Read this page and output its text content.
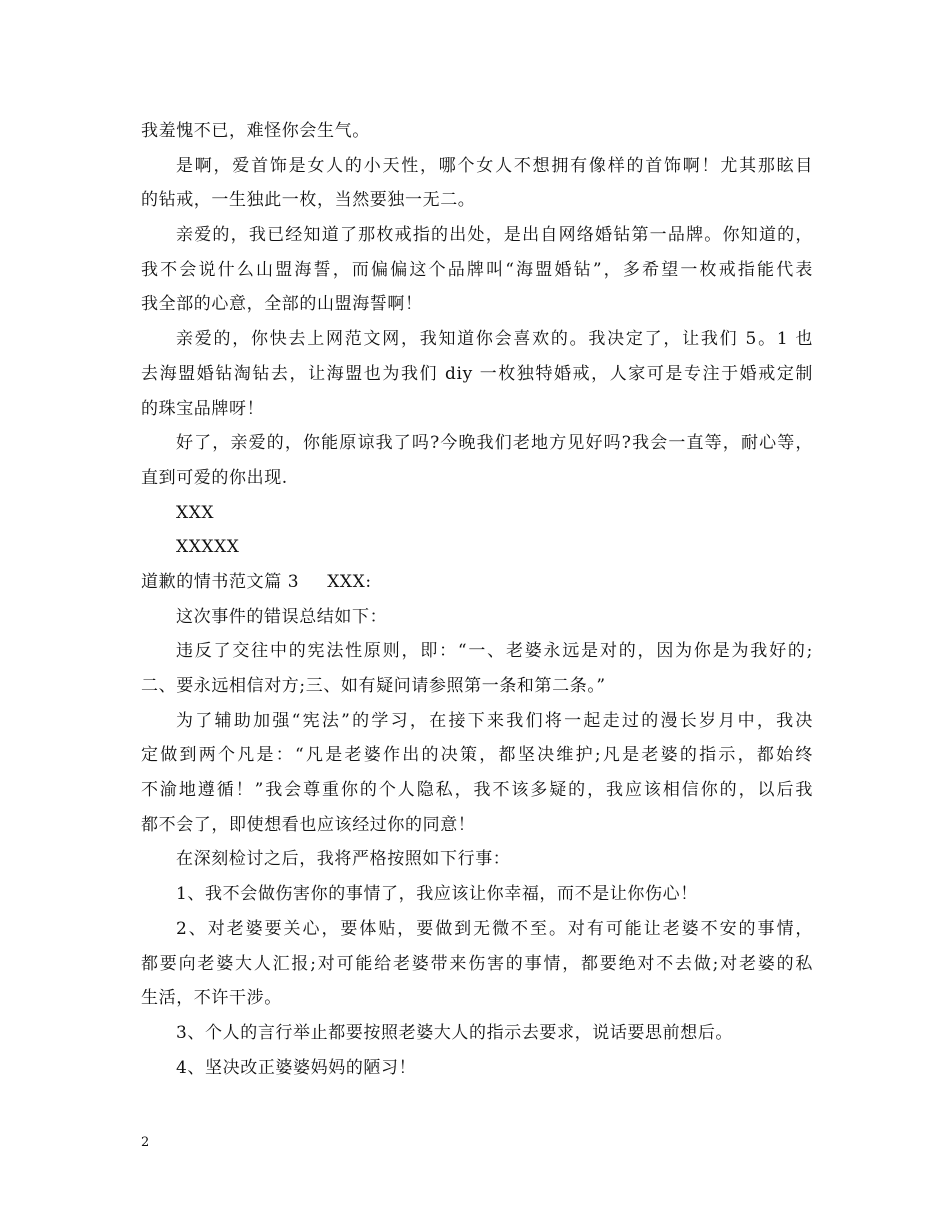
我羞愧不已，难怪你会生气。
是啊，爱首饰是女人的小天性，哪个女人不想拥有像样的首饰啊！尤其那眩目
的钻戒，一生独此一枚，当然要独一无二。
亲爱的，我已经知道了那枚戒指的出处，是出自网络婚钻第一品牌。你知道的，
我不会说什么山盟海誓，而偏偏这个品牌叫“海盟婚钻”，多希望一枚戒指能代表
我全部的心意，全部的山盟海誓啊！
亲爱的，你快去上网范文网，我知道你会喜欢的。我决定了，让我们 5。1 也
去海盟婚钻淘钻去，让海盟也为我们 diy 一枚独特婚戒，人家可是专注于婚戒定制
的珠宝品牌呀！
好了，亲爱的，你能原谅我了吗?今晚我们老地方见好吗?我会一直等，耐心等，
直到可爱的你出现.
XXX
XXXXX
道歉的情书范文篇 3 XXX:
这次事件的错误总结如下：
违反了交往中的宪法性原则，即：“一、老婆永远是对的，因为你是为我好的;
二、要永远相信对方;三、如有疑问请参照第一条和第二条。”
为了辅助加强“宪法”的学习，在接下来我们将一起走过的漫长岁月中，我决
定做到两个凡是：“凡是老婆作出的决策，都坚决维护;凡是老婆的指示，都始终
不渝地遵循！”我会尊重你的个人隐私，我不该多疑的，我应该相信你的，以后我
都不会了，即使想看也应该经过你的同意！
在深刻检讨之后，我将严格按照如下行事：
1、我不会做伤害你的事情了，我应该让你幸福，而不是让你伤心！
2、对老婆要关心，要体贴，要做到无微不至。对有可能让老婆不安的事情，
都要向老婆大人汇报;对可能给老婆带来伤害的事情，都要绝对不去做;对老婆的私
生活，不许干涉。
3、个人的言行举止都要按照老婆大人的指示去要求，说话要思前想后。
4、坚决改正婆婆妈妈的陋习！
2
